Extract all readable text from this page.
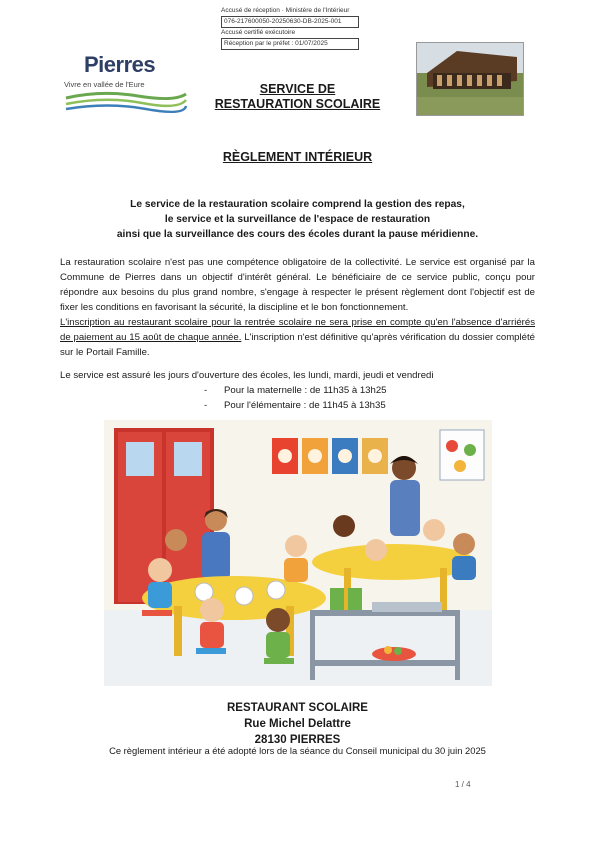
Accusé de réception · Ministère de l'Intérieur
076-217600050-20250630-DB-2025-001
Accusé certifié exécutoire
Réception par le préfet : 01/07/2025
Pierres
Vivre en vallée de l'Eure	SERVICE DE
RESTAURATION SCOLAIRE
RÈGLEMENT INTÉRIEUR
Le service de la restauration scolaire comprend la gestion des repas,
le service et la surveillance de l'espace de restauration
ainsi que la surveillance des cours des écoles durant la pause méridienne.
La restauration scolaire n'est pas une compétence obligatoire de la collectivité. Le service est organisé par la Commune de Pierres dans un objectif d'intérêt général. Le bénéficiaire de ce service public, conçu pour répondre aux besoins du plus grand nombre, s'engage à respecter le présent règlement dont l'objectif est de fixer les conditions en favorisant la sécurité, la discipline et le bon fonctionnement.
L'inscription au restaurant scolaire pour la rentrée scolaire ne sera prise en compte qu'en l'absence d'arriérés de paiement au 15 août de chaque année. L'inscription n'est définitive qu'après vérification du dossier complété sur le Portail Famille.
Le service est assuré les jours d'ouverture des écoles, les lundi, mardi, jeudi et vendredi
- Pour la maternelle : de 11h35 à 13h25
- Pour l'élémentaire : de 11h45 à 13h35
RESTAURANT SCOLAIRE
Rue Michel Delattre
28130 PIERRES
Ce règlement intérieur a été adopté lors de la séance du Conseil municipal du 30 juin 2025
1 / 4
